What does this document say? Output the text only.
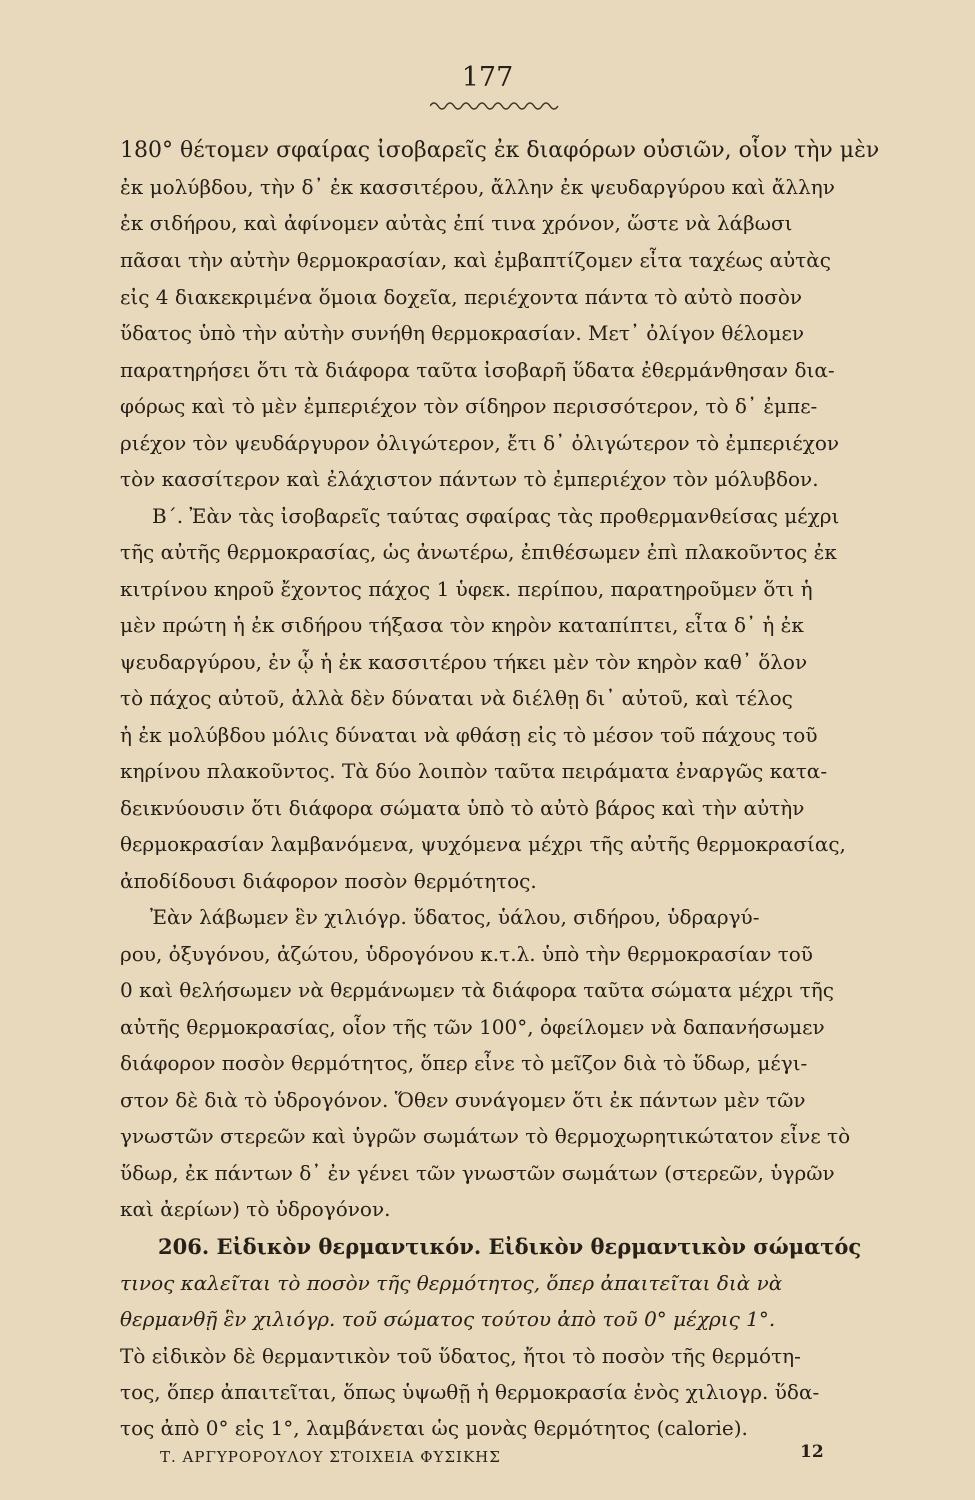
177
180° θέτομεν σφαίρας ἰσοβαρεῖς ἐκ διαφόρων οὐσιῶν, οἷον τὴν μὲν
ἐκ μολύβδου, τὴν δ᾽ ἐκ κασσιτέρου, ἄλλην ἐκ ψευδαργύρου καὶ ἄλλην
ἐκ σιδήρου, καὶ ἀφίνομεν αὐτὰς ἐπί τινα χρόνον, ὥστε νὰ λάβωσι
πᾶσαι τὴν αὐτὴν θερμοκρασίαν, καὶ ἐμβαπτίζομεν εἶτα ταχέως αὐτὰς
εἰς 4 διακεκριμένα ὅμοια δοχεῖα, περιέχοντα πάντα τὸ αὐτὸ ποσὸν
ὕδατος ὑπὸ τὴν αὐτὴν συνήθη θερμοκρασίαν. Μετ᾽ ὀλίγον θέλομεν
παρατηρήσει ὅτι τὰ διάφορα ταῦτα ἰσοβαρῆ ὕδατα ἐθερμάνθησαν δια-
φόρως καὶ τὸ μὲν ἐμπεριέχον τὸν σίδηρον περισσότερον, τὸ δ᾽ ἐμπε-
ριέχον τὸν ψευδάργυρον ὀλιγώτερον, ἔτι δ᾽ ὀλιγώτερον τὸ ἐμπεριέχον
τὸν κασσίτερον καὶ ἐλάχιστον πάντων τὸ ἐμπεριέχον τὸν μόλυβδον.
Β΄. Ἐὰν τὰς ἰσοβαρεῖς ταύτας σφαίρας τὰς προθερμανθείσας μέχρι
τῆς αὐτῆς θερμοκρασίας, ὡς ἀνωτέρω, ἐπιθέσωμεν ἐπὶ πλακοῦντος ἐκ
κιτρίνου κηροῦ ἔχοντος πάχος 1 ὑφεκ. περίπου, παρατηροῦμεν ὅτι ἡ
μὲν πρώτη ἡ ἐκ σιδήρου τήξασα τὸν κηρὸν καταπίπτει, εἶτα δ᾽ ἡ ἐκ
ψευδαργύρου, ἐν ᾧ ἡ ἐκ κασσιτέρου τήκει μὲν τὸν κηρὸν καθ᾽ ὅλον
τὸ πάχος αὐτοῦ, ἀλλὰ δὲν δύναται νὰ διέλθῃ δι᾽ αὐτοῦ, καὶ τέλος
ἡ ἐκ μολύβδου μόλις δύναται νὰ φθάσῃ εἰς τὸ μέσον τοῦ πάχους τοῦ
κηρίνου πλακοῦντος. Τὰ δύο λοιπὸν ταῦτα πειράματα ἐναργῶς κατα-
δεικνύουσιν ὅτι διάφορα σώματα ὑπὸ τὸ αὐτὸ βάρος καὶ τὴν αὐτὴν
θερμοκρασίαν λαμβανόμενα, ψυχόμενα μέχρι τῆς αὐτῆς θερμοκρασίας,
ἀποδίδουσι διάφορον ποσὸν θερμότητος.
Ἐὰν λάβωμεν ἓν χιλιόγρ. ὕδατος, ὑάλου, σιδήρου, ὑδραργύ-
ρου, ὀξυγόνου, ἀζώτου, ὑδρογόνου κ.τ.λ. ὑπὸ τὴν θερμοκρασίαν τοῦ
0 καὶ θελήσωμεν νὰ θερμάνωμεν τὰ διάφορα ταῦτα σώματα μέχρι τῆς
αὐτῆς θερμοκρασίας, οἷον τῆς τῶν 100°, ὀφείλομεν νὰ δαπανήσωμεν
διάφορον ποσὸν θερμότητος, ὅπερ εἶνε τὸ μεῖζον διὰ τὸ ὕδωρ, μέγι-
στον δὲ διὰ τὸ ὑδρογόνον. Ὅθεν συνάγομεν ὅτι ἐκ πάντων μὲν τῶν
γνωστῶν στερεῶν καὶ ὑγρῶν σωμάτων τὸ θερμοχωρητικώτατον εἶνε τὸ
ὕδωρ, ἐκ πάντων δ᾽ ἐν γένει τῶν γνωστῶν σωμάτων (στερεῶν, ὑγρῶν
καὶ ἀερίων) τὸ ὑδρογόνον.
206. Εἰδικὸν θερμαντικόν. Εἰδικὸν θερμαντικὸν σώματός
τινος καλεῖται τὸ ποσὸν τῆς θερμότητος, ὅπερ ἀπαιτεῖται διὰ νὰ
θερμανθῇ ἓν χιλιόγρ. τοῦ σώματος τούτου ἀπὸ τοῦ 0° μέχρις 1°.
Τὸ εἰδικὸν δὲ θερμαντικὸν τοῦ ὕδατος, ἤτοι τὸ ποσὸν τῆς θερμότη-
τος, ὅπερ ἀπαιτεῖται, ὅπως ὑψωθῇ ἡ θερμοκρασία ἑνὸς χιλιογρ. ὕδα-
τος ἀπὸ 0° εἰς 1°, λαμβάνεται ὡς μονὰς θερμότητος (calorie).
Τ. ΑΡΓΥΡΟΡΟΥΛΟΥ ΣΤΟΙΧΕΙΑ ΦΥΣΙΚΗΣ	12
